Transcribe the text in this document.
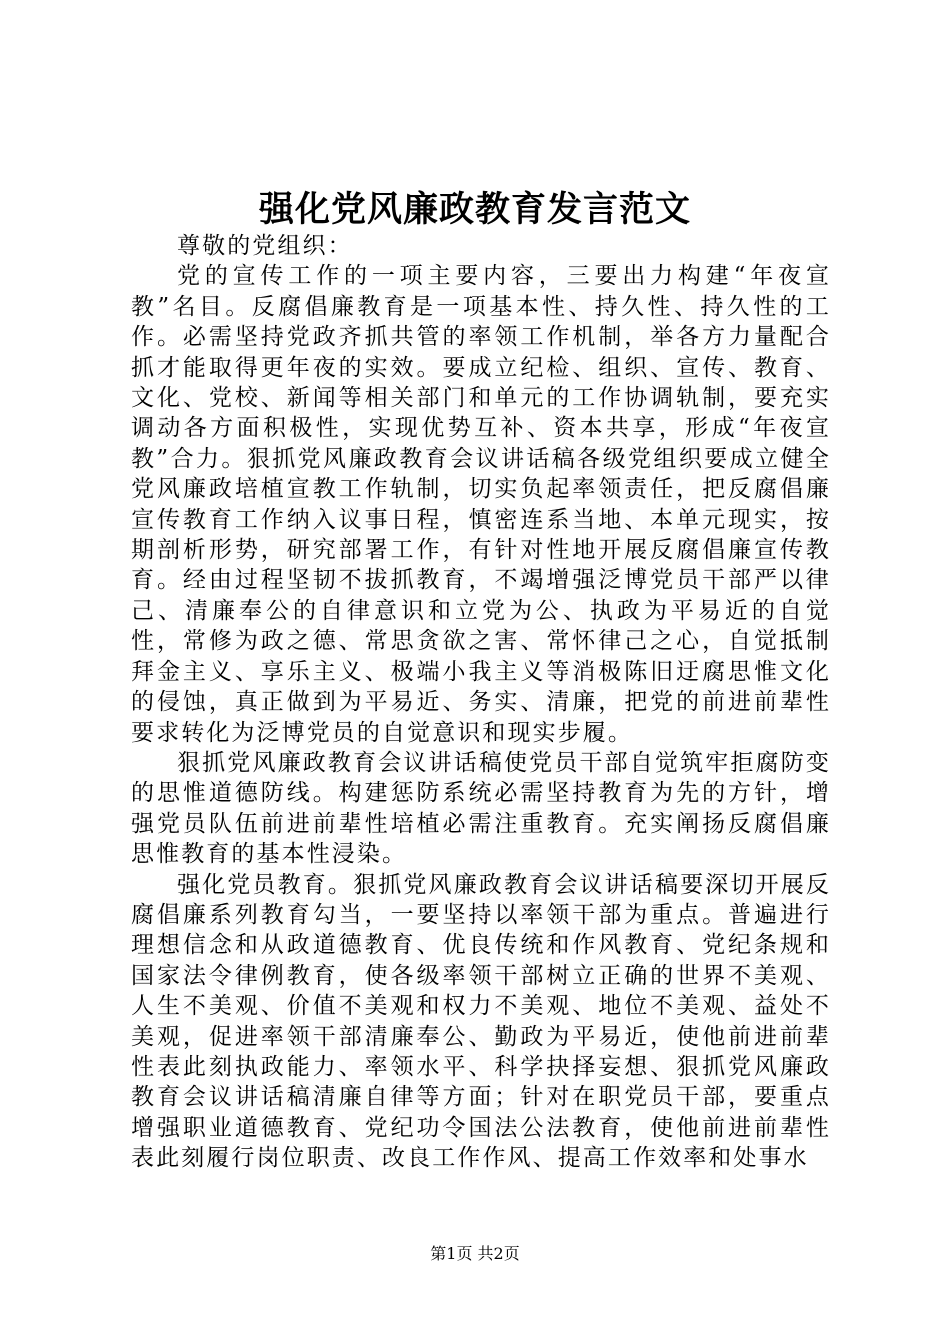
强化党风廉政教育发言范文

尊敬的党组织：

党的宣传工作的一项主要内容，三要出力构建“年夜宣教”名目。反腐倡廉教育是一项基本性、持久性、持久性的工作。必需坚持党政齐抓共管的率领工作机制，举各方力量配合抓才能取得更年夜的实效。要成立纪检、组织、宣传、教育、文化、党校、新闻等相关部门和单元的工作协调轨制，要充实调动各方面积极性，实现优势互补、资本共享，形成“年夜宣教”合力。狠抓党风廉政教育会议讲话稿各级党组织要成立健全党风廉政培植宣教工作轨制，切实负起率领责任，把反腐倡廉宣传教育工作纳入议事日程，慎密连系当地、本单元现实，按期剖析形势，研究部署工作，有针对性地开展反腐倡廉宣传教育。经由过程坚韧不拔抓教育，不竭增强泛博党员干部严以律己、清廉奉公的自律意识和立党为公、执政为平易近的自觉性，常修为政之德、常思贪欲之害、常怀律己之心，自觉抵制拜金主义、享乐主义、极端小我主义等消极陈旧迂腐思惟文化的侵蚀，真正做到为平易近、务实、清廉，把党的前进前辈性要求转化为泛博党员的自觉意识和现实步履。

狠抓党风廉政教育会议讲话稿使党员干部自觉筑牢拒腐防变的思惟道德防线。构建惩防系统必需坚持教育为先的方针，增强党员队伍前进前辈性培植必需注重教育。充实阐扬反腐倡廉思惟教育的基本性浸染。

强化党员教育。狠抓党风廉政教育会议讲话稿要深切开展反腐倡廉系列教育勾当，一要坚持以率领干部为重点。普遍进行理想信念和从政道德教育、优良传统和作风教育、党纪条规和国家法令律例教育，使各级率领干部树立正确的世界不美观、人生不美观、价值不美观和权力不美观、地位不美观、益处不美观，促进率领干部清廉奉公、勤政为平易近，使他前进前辈性表此刻执政能力、率领水平、科学抉择妄想、狠抓党风廉政教育会议讲话稿清廉自律等方面；针对在职党员干部，要重点增强职业道德教育、党纪功令国法公法教育，使他前进前辈性表此刻履行岗位职责、改良工作作风、提高工作效率和处事水

第1页 共2页
